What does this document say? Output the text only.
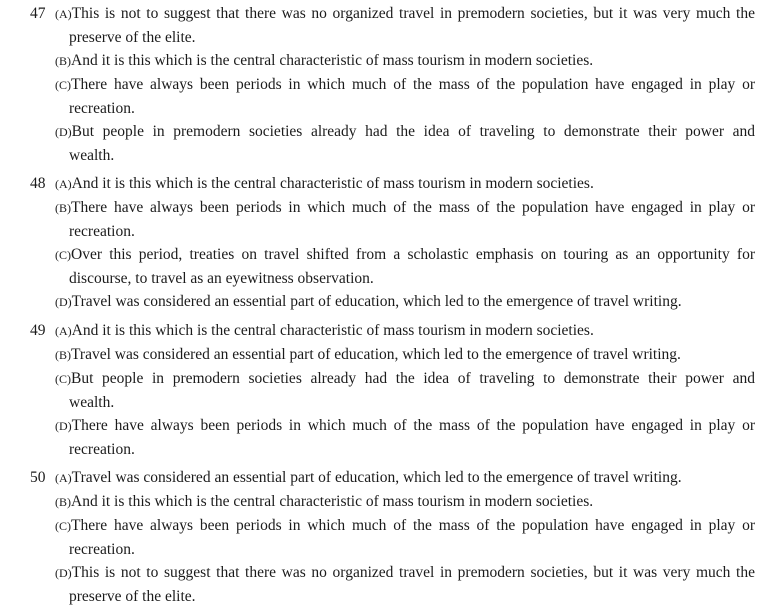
47 (A)This is not to suggest that there was no organized travel in premodern societies, but it was very much the
preserve of the elite.
(B)And it is this which is the central characteristic of mass tourism in modern societies.
(C)There have always been periods in which much of the mass of the population have engaged in play or
recreation.
(D)But people in premodern societies already had the idea of traveling to demonstrate their power and
wealth.
48 (A)And it is this which is the central characteristic of mass tourism in modern societies.
(B)There have always been periods in which much of the mass of the population have engaged in play or
recreation.
(C)Over this period, treaties on travel shifted from a scholastic emphasis on touring as an opportunity for
discourse, to travel as an eyewitness observation.
(D)Travel was considered an essential part of education, which led to the emergence of travel writing.
49 (A)And it is this which is the central characteristic of mass tourism in modern societies.
(B)Travel was considered an essential part of education, which led to the emergence of travel writing.
(C)But people in premodern societies already had the idea of traveling to demonstrate their power and
wealth.
(D)There have always been periods in which much of the mass of the population have engaged in play or
recreation.
50 (A)Travel was considered an essential part of education, which led to the emergence of travel writing.
(B)And it is this which is the central characteristic of mass tourism in modern societies.
(C)There have always been periods in which much of the mass of the population have engaged in play or
recreation.
(D)This is not to suggest that there was no organized travel in premodern societies, but it was very much the
preserve of the elite.
